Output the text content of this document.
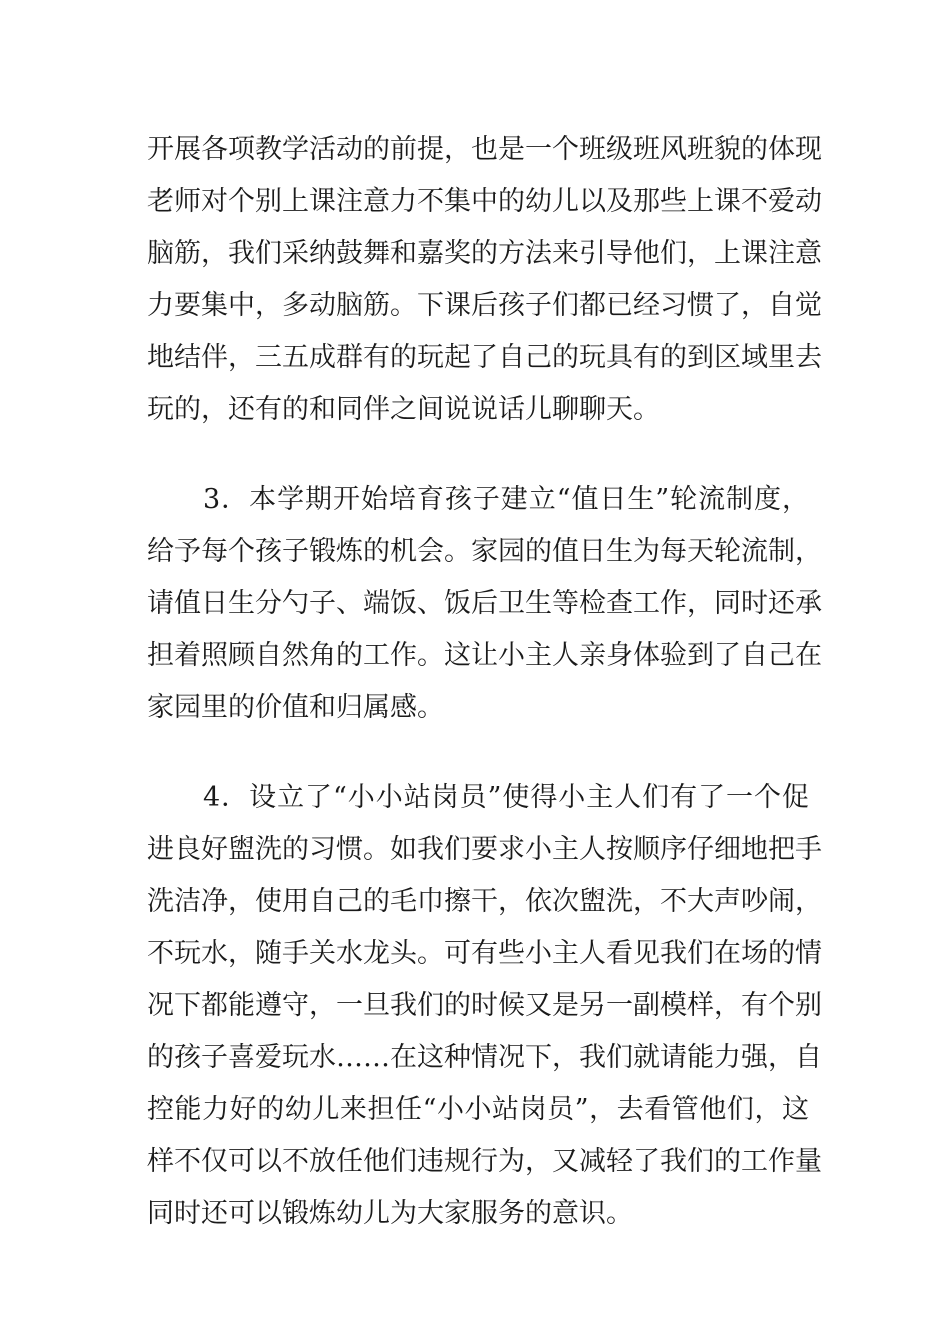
开展各项教学活动的前提，也是一个班级班风班貌的体现
老师对个别上课注意力不集中的幼儿以及那些上课不爱动
脑筋，我们采纳鼓舞和嘉奖的方法来引导他们，上课注意
力要集中，多动脑筋。下课后孩子们都已经习惯了，自觉
地结伴，三五成群有的玩起了自己的玩具有的到区域里去
玩的，还有的和同伴之间说说话儿聊聊天。

3．本学期开始培育孩子建立“值日生”轮流制度，
给予每个孩子锻炼的机会。家园的值日生为每天轮流制，
请值日生分勺子、端饭、饭后卫生等检查工作，同时还承
担着照顾自然角的工作。这让小主人亲身体验到了自己在
家园里的价值和归属感。

4．设立了“小小站岗员”使得小主人们有了一个促
进良好盥洗的习惯。如我们要求小主人按顺序仔细地把手
洗洁净，使用自己的毛巾擦干，依次盥洗，不大声吵闹，
不玩水，随手关水龙头。可有些小主人看见我们在场的情
况下都能遵守，一旦我们的时候又是另一副模样，有个别
的孩子喜爱玩水……在这种情况下，我们就请能力强，自
控能力好的幼儿来担任“小小站岗员”，去看管他们，这
样不仅可以不放任他们违规行为，又减轻了我们的工作量
同时还可以锻炼幼儿为大家服务的意识。
